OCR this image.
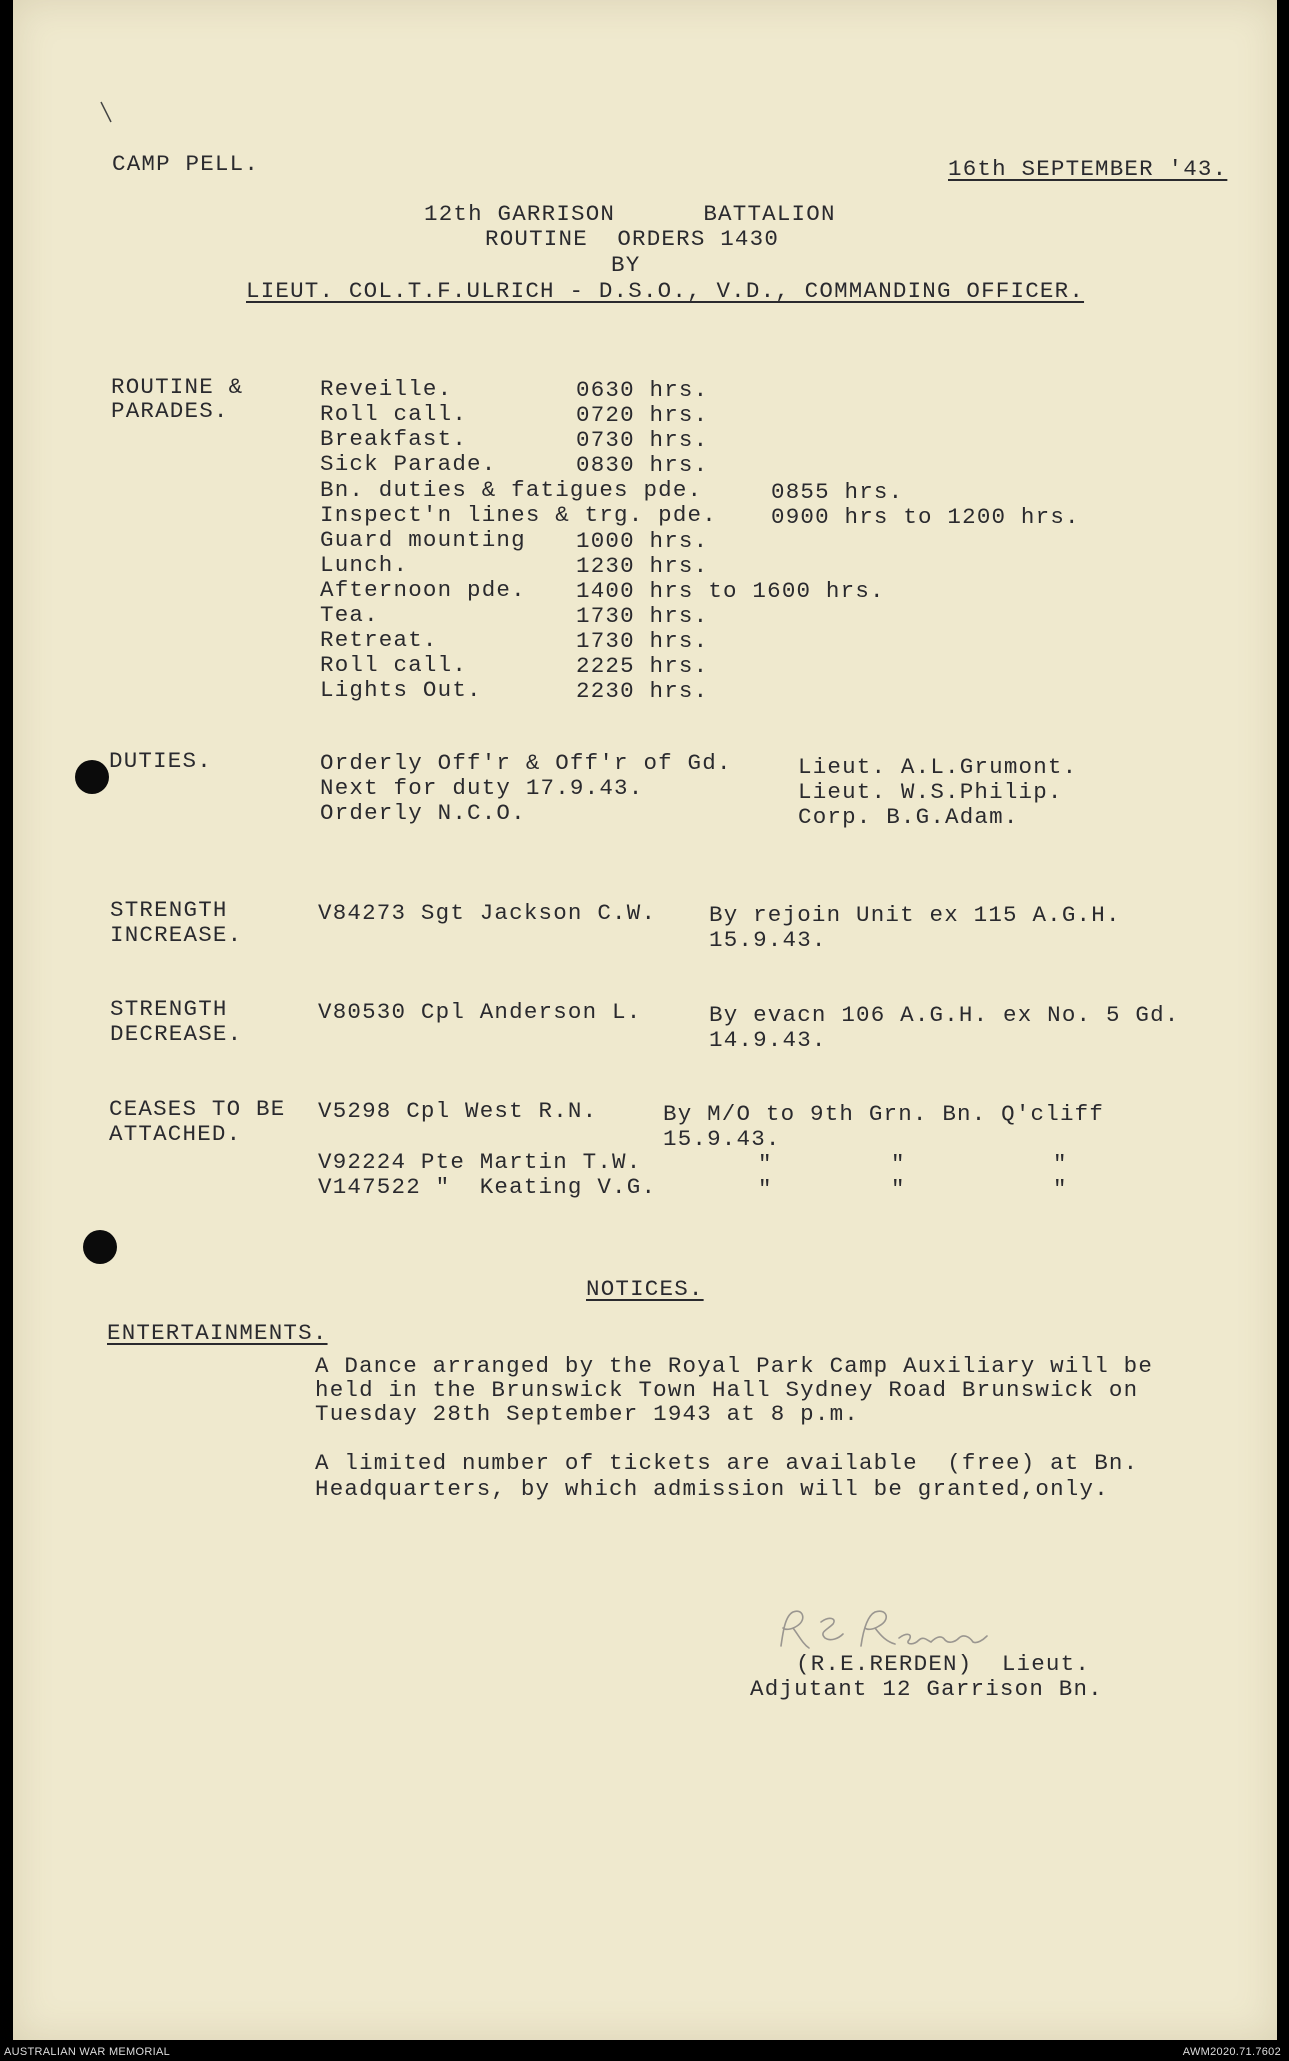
CAMP PELL.	16th SEPTEMBER '43.
12th GARRISON      BATTALION
ROUTINE  ORDERS 1430
BY
LIEUT. COL.T.F.ULRICH - D.S.O., V.D., COMMANDING OFFICER.
ROUTINE &
PARADES.
Reveille.	0630 hrs.
Roll call.	0720 hrs.
Breakfast.	0730 hrs.
Sick Parade.	0830 hrs.
Bn. duties & fatigues pde.	0855 hrs.
Inspect'n lines & trg. pde. 0900 hrs to 1200 hrs.
Guard mounting 1000 hrs.
Lunch.	1230 hrs.
Afternoon pde. 1400 hrs to 1600 hrs.
Tea.	1730 hrs.
Retreat.	1730 hrs.
Roll call.	2225 hrs.
Lights Out.	2230 hrs.
DUTIES.	Orderly Off'r & Off'r of Gd.	Lieut. A.L.Grumont.
Next for duty 17.9.43.	Lieut. W.S.Philip.
Orderly N.C.O.	Corp. B.G.Adam.
STRENGTH
INCREASE.
V84273 Sgt Jackson C.W. By rejoin Unit ex 115 A.G.H.
15.9.43.
STRENGTH
DECREASE.
V80530 Cpl Anderson L.	By evacn 106 A.G.H. ex No. 5 Gd.
14.9.43.
CEASES TO BE
ATTACHED.
V5298 Cpl West R.N.	By M/O to 9th Grn. Bn. Q'cliff
15.9.43.
V92224 Pte Martin T.W.	"	"	"
V147522 "  Keating V.G.	"	"	"
NOTICES.
ENTERTAINMENTS.
A Dance arranged by the Royal Park Camp Auxiliary will be
held in the Brunswick Town Hall Sydney Road Brunswick on
Tuesday 28th September 1943 at 8 p.m.
A limited number of tickets are available  (free) at Bn.
Headquarters, by which admission will be granted,only.
(R.E.RERDEN)  Lieut.
Adjutant 12 Garrison Bn.
AUSTRALIAN WAR MEMORIAL	AWM2020.71.7602
